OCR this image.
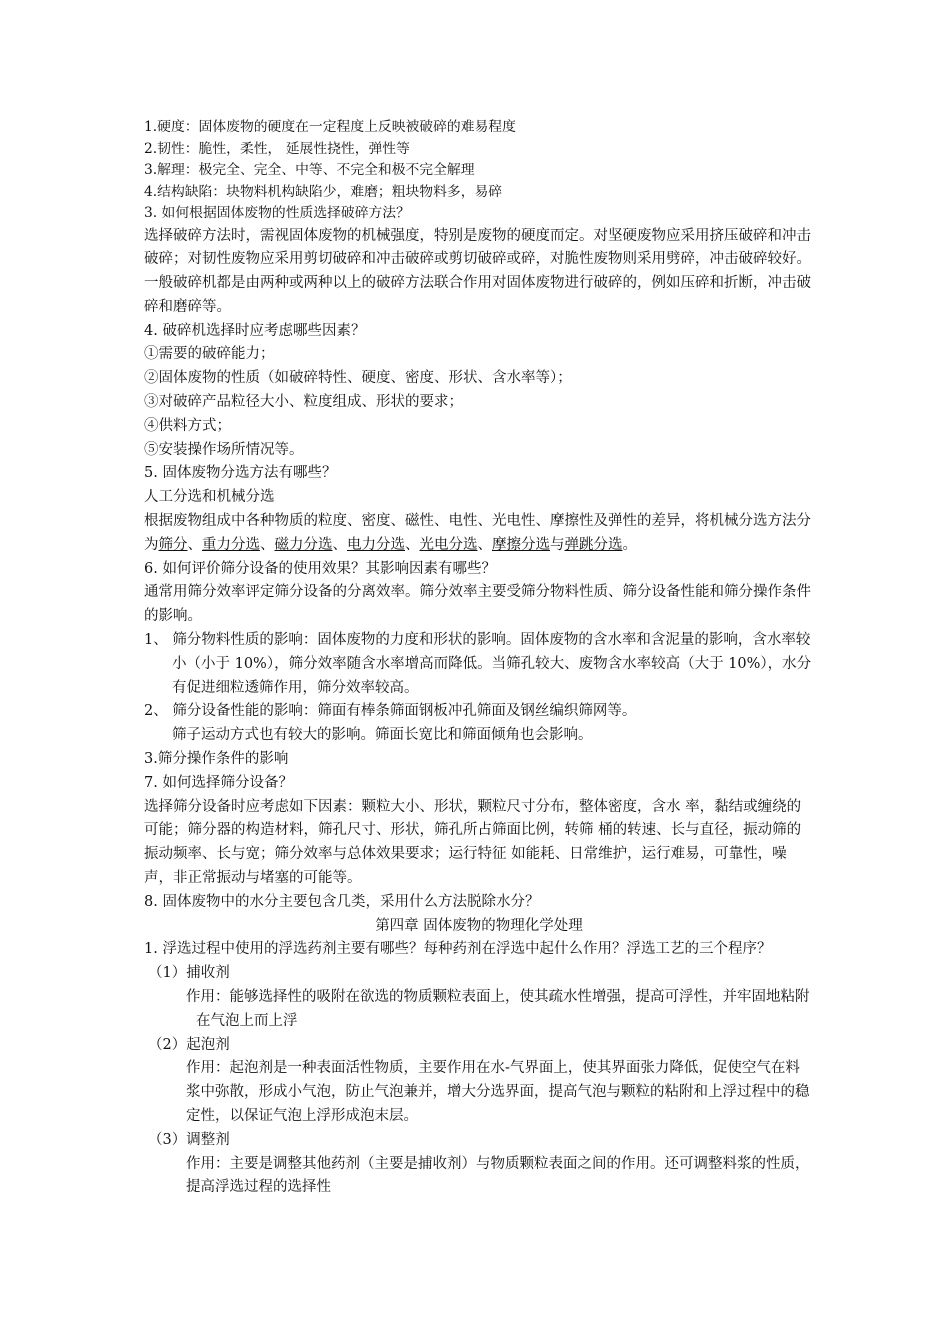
1.硬度：固体废物的硬度在一定程度上反映被破碎的难易程度

2.韧性：脆性，柔性， 延展性挠性，弹性等

3.解理：极完全、完全、中等、不完全和极不完全解理

4.结构缺陷：块物料机构缺陷少，难磨；粗块物料多，易碎

3. 如何根据固体废物的性质选择破碎方法？

选择破碎方法时，需视固体废物的机械强度，特别是废物的硬度而定。对坚硬废物应采用挤压破碎和冲击破碎；对韧性废物应采用剪切破碎和冲击破碎或剪切破碎或碎，对脆性废物则采用劈碎，冲击破碎较好。一般破碎机都是由两种或两种以上的破碎方法联合作用对固体废物进行破碎的，例如压碎和折断，冲击破碎和磨碎等。

4. 破碎机选择时应考虑哪些因素？

①需要的破碎能力；

②固体废物的性质（如破碎特性、硬度、密度、形状、含水率等）；

③对破碎产品粒径大小、粒度组成、形状的要求；

④供料方式；

⑤安装操作场所情况等。

5. 固体废物分选方法有哪些？

人工分选和机械分选

根据废物组成中各种物质的粒度、密度、磁性、电性、光电性、摩擦性及弹性的差异，将机械分选方法分为筛分、重力分选、磁力分选、电力分选、光电分选、摩擦分选与弹跳分选。

6. 如何评价筛分设备的使用效果？其影响因素有哪些？

通常用筛分效率评定筛分设备的分离效率。筛分效率主要受筛分物料性质、筛分设备性能和筛分操作条件的影响。

1、 筛分物料性质的影响：固体废物的力度和形状的影响。固体废物的含水率和含泥量的影响，含水率较小（小于 10%），筛分效率随含水率增高而降低。当筛孔较大、废物含水率较高（大于 10%），水分有促进细粒透筛作用，筛分效率较高。

2、 筛分设备性能的影响：筛面有棒条筛面钢板冲孔筛面及钢丝编织筛网等。

筛子运动方式也有较大的影响。筛面长宽比和筛面倾角也会影响。

3.筛分操作条件的影响

7. 如何选择筛分设备？

选择筛分设备时应考虑如下因素：颗粒大小、形状，颗粒尺寸分布，整体密度，含水 率，黏结或缠绕的可能；筛分器的构造材料，筛孔尺寸、形状，筛孔所占筛面比例，转筛 桶的转速、长与直径，振动筛的振动频率、长与宽；筛分效率与总体效果要求；运行特征 如能耗、日常维护，运行难易，可靠性，噪声，非正常振动与堵塞的可能等。

8. 固体废物中的水分主要包含几类，采用什么方法脱除水分？

第四章 固体废物的物理化学处理

1. 浮选过程中使用的浮选药剂主要有哪些？每种药剂在浮选中起什么作用？浮选工艺的三个程序？

（1）捕收剂

作用：能够选择性的吸附在欲选的物质颗粒表面上，使其疏水性增强，提高可浮性，并牢固地粘附在气泡上而上浮

（2）起泡剂

作用：起泡剂是一种表面活性物质，主要作用在水-气界面上，使其界面张力降低，促使空气在料浆中弥散，形成小气泡，防止气泡兼并，增大分选界面，提高气泡与颗粒的粘附和上浮过程中的稳定性，以保证气泡上浮形成泡末层。

（3）调整剂

作用：主要是调整其他药剂（主要是捕收剂）与物质颗粒表面之间的作用。还可调整料浆的性质，提高浮选过程的选择性
